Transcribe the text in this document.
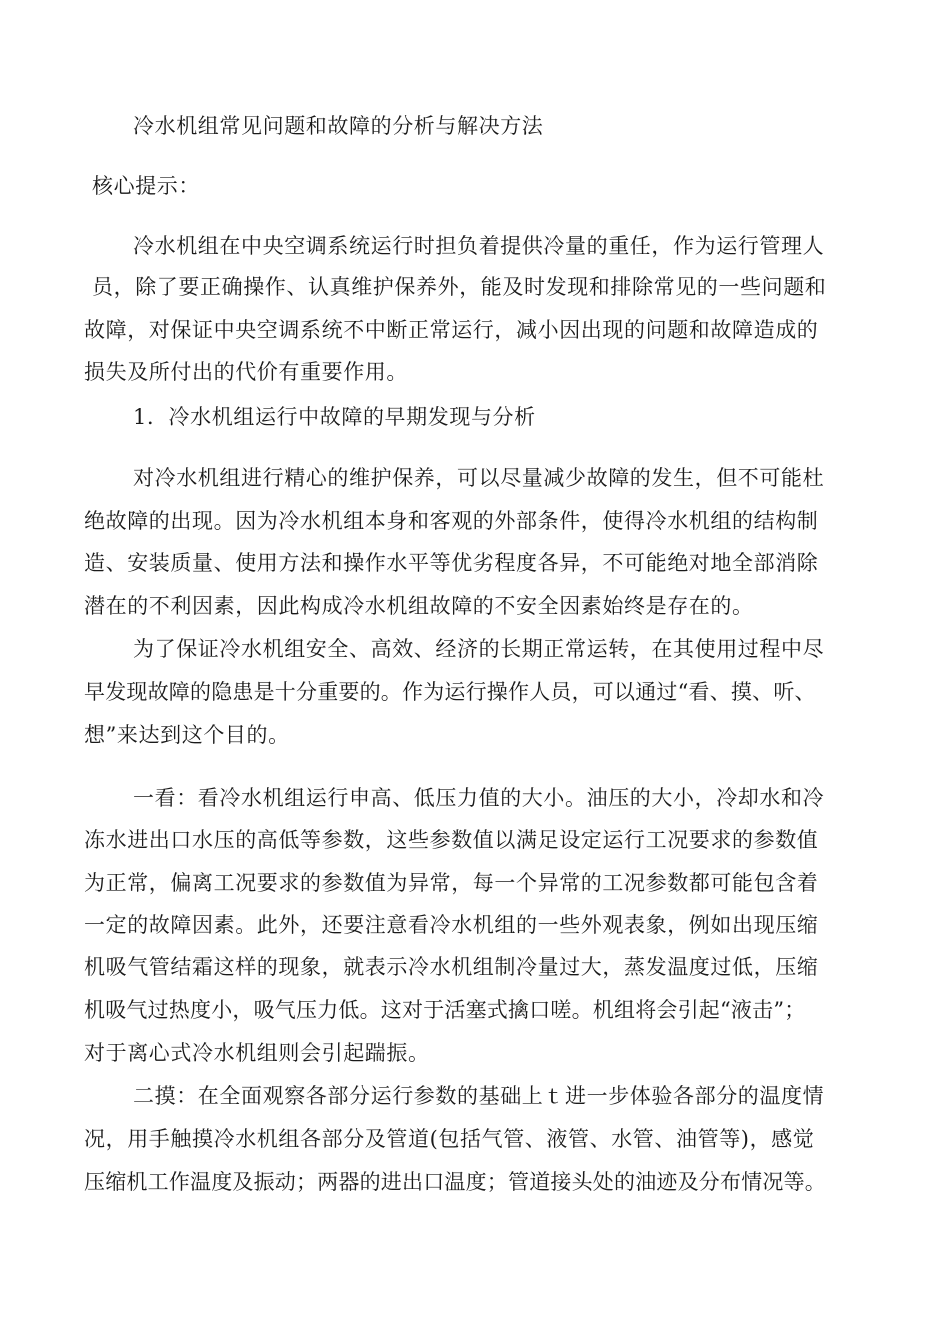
冷水机组常见问题和故障的分析与解决方法
核心提示：
冷水机组在中央空调系统运行时担负着提供冷量的重任，作为运行管理人
员，除了要正确操作、认真维护保养外，能及时发现和排除常见的一些问题和
故障，对保证中央空调系统不中断正常运行，减小因出现的问题和故障造成的
损失及所付出的代价有重要作用。
1．冷水机组运行中故障的早期发现与分析
对冷水机组进行精心的维护保养，可以尽量减少故障的发生，但不可能杜
绝故障的出现。因为冷水机组本身和客观的外部条件，使得冷水机组的结构制
造、安装质量、使用方法和操作水平等优劣程度各异，不可能绝对地全部消除
潜在的不利因素，因此构成冷水机组故障的不安全因素始终是存在的。
为了保证冷水机组安全、高效、经济的长期正常运转，在其使用过程中尽
早发现故障的隐患是十分重要的。作为运行操作人员，可以通过“看、摸、听、
想”来达到这个目的。
一看：看冷水机组运行申高、低压力值的大小。油压的大小，冷却水和冷
冻水进出口水压的高低等参数，这些参数值以满足设定运行工况要求的参数值
为正常，偏离工况要求的参数值为异常，每一个异常的工况参数都可能包含着
一定的故障因素。此外，还要注意看冷水机组的一些外观表象，例如出现压缩
机吸气管结霜这样的现象，就表示冷水机组制冷量过大，蒸发温度过低，压缩
机吸气过热度小，吸气压力低。这对于活塞式擒口嗟。机组将会引起“液击”；
对于离心式冷水机组则会引起踹振。
二摸：在全面观察各部分运行参数的基础上ｔ进一步体验各部分的温度情
况，用手触摸冷水机组各部分及管道(包括气管、液管、水管、油管等)，感觉
压缩机工作温度及振动；两器的进出口温度；管道接头处的油迹及分布情况等。
